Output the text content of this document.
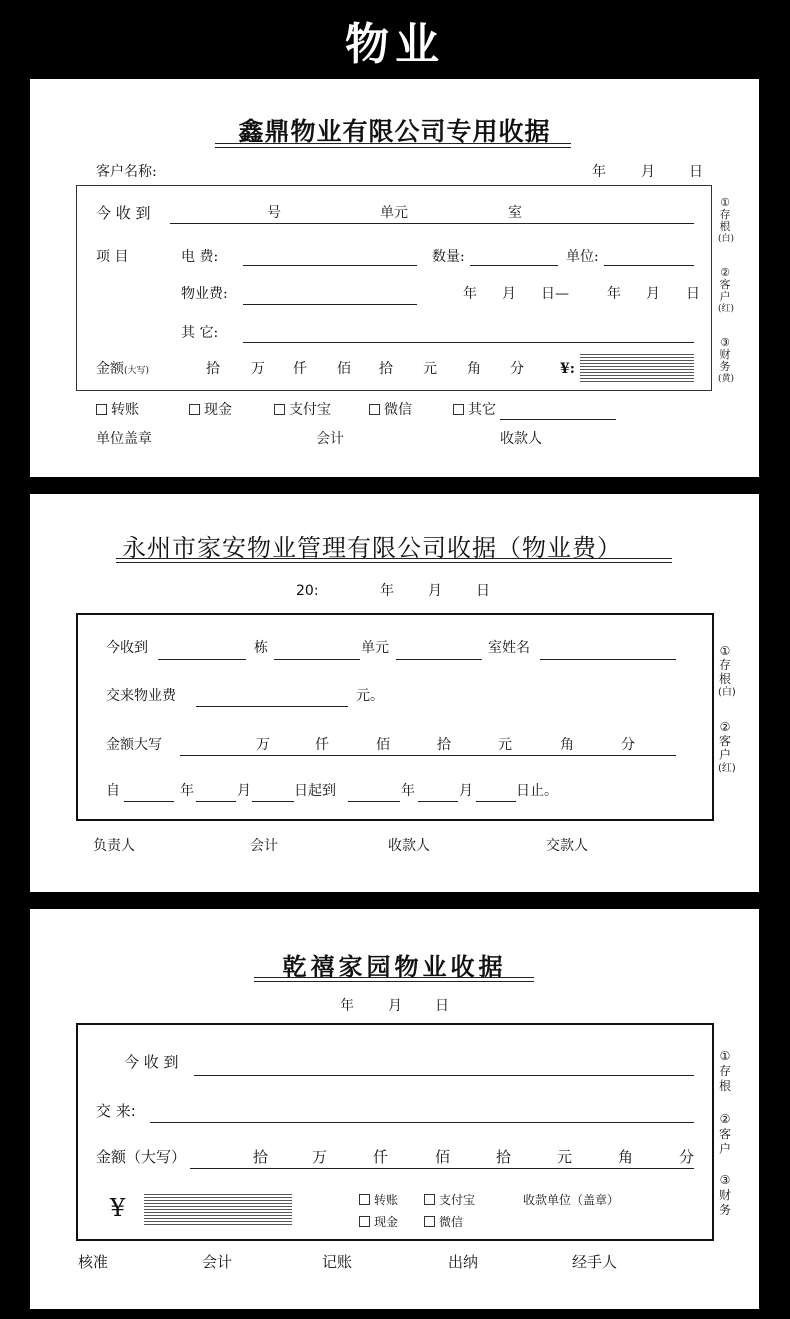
物业
鑫鼎物业有限公司专用收据
客户名称:	年	月 日
今 收 到	号	单元	室
项 目	电 费:	数量:	单位:
物业费:	年 月 日—	年 月 日
其 它:
金额(大写)	拾 万 仟 佰 拾 元 角 分	¥:
转账	现金	支付宝	微信	其它
单位盖章	会计	收款人
①
存
根
(白)
②
客
户
(红)
③
财
务
(黄)
永州市家安物业管理有限公司收据（物业费）
20:	年 月 日
今收到	栋	单元	室姓名
交来物业费	元。
金额大写	万	仟	佰	拾	元	角	分
自	年	月	日起到	年	月	日止。
负责人	会计	收款人	交款人
①
存
根
(白)
②
客
户
(红)
乾禧家园物业收据
年 月 日
今 收 到
交 来:
金额（大写）	拾	万	仟	佰	拾	元	角	分
¥	转账	支付宝
现金	微信
收款单位（盖章）
核准	会计	记账	出纳	经手人
①
存
根
②
客
户
③
财
务
